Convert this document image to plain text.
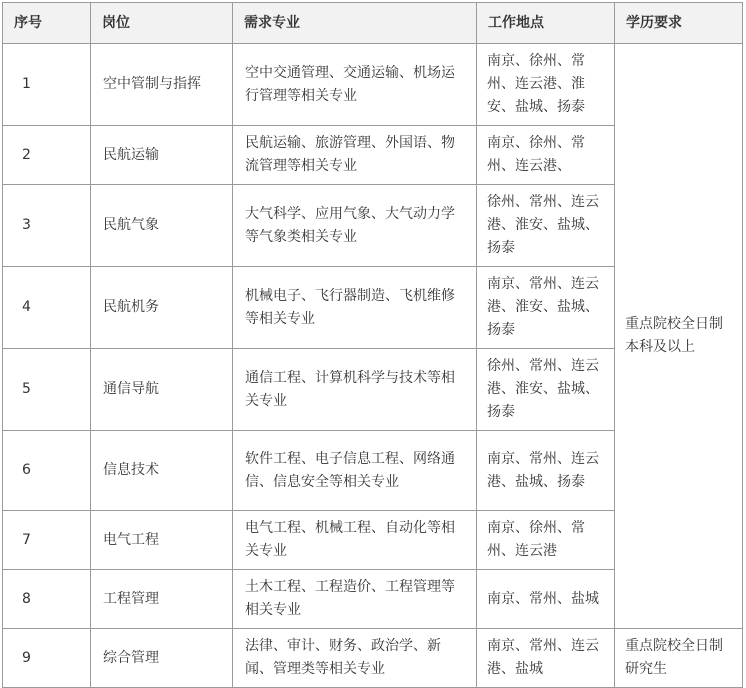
序号	岗位	需求专业	工作地点	学历要求
1	空中管制与指挥	空中交通管理、交通运输、机场运行管理等相关专业	南京、徐州、常州、连云港、淮安、盐城、扬泰	重点院校全日制本科及以上

2	民航运输	民航运输、旅游管理、外国语、物流管理等相关专业	南京、徐州、常州、连云港、	

3	民航气象	大气科学、应用气象、大气动力学等气象类相关专业	徐州、常州、连云港、淮安、盐城、扬泰	

4	民航机务	机械电子、飞行器制造、飞机维修等相关专业	南京、常州、连云港、淮安、盐城、扬泰	

5	通信导航	通信工程、计算机科学与技术等相关专业	徐州、常州、连云港、淮安、盐城、扬泰	

6	信息技术	软件工程、电子信息工程、网络通信、信息安全等相关专业	南京、常州、连云港、盐城、扬泰	

7	电气工程	电气工程、机械工程、自动化等相关专业	南京、徐州、常州、连云港	

8	工程管理	土木工程、工程造价、工程管理等相关专业	南京、常州、盐城	

9	综合管理	法律、审计、财务、政治学、新闻、管理类等相关专业	南京、常州、连云港、盐城	重点院校全日制研究生
